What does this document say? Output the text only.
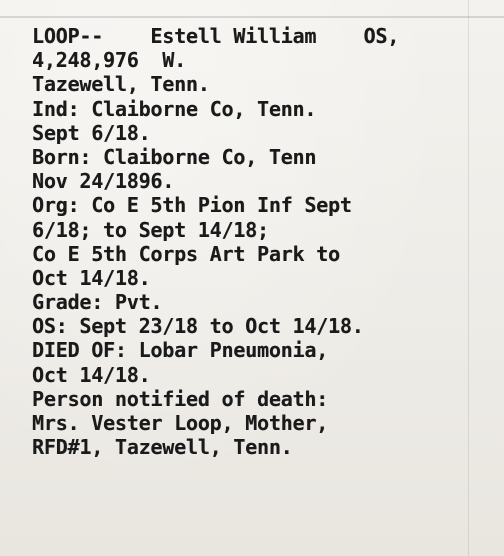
LOOP--    Estell William    OS,
4,248,976  W.
Tazewell, Tenn.
Ind: Claiborne Co, Tenn.
Sept 6/18.
Born: Claiborne Co, Tenn
Nov 24/1896.
Org: Co E 5th Pion Inf Sept
6/18; to Sept 14/18;
Co E 5th Corps Art Park to
Oct 14/18.
Grade: Pvt.
OS: Sept 23/18 to Oct 14/18.
DIED OF: Lobar Pneumonia,
Oct 14/18.
Person notified of death:
Mrs. Vester Loop, Mother,
RFD#1, Tazewell, Tenn.
